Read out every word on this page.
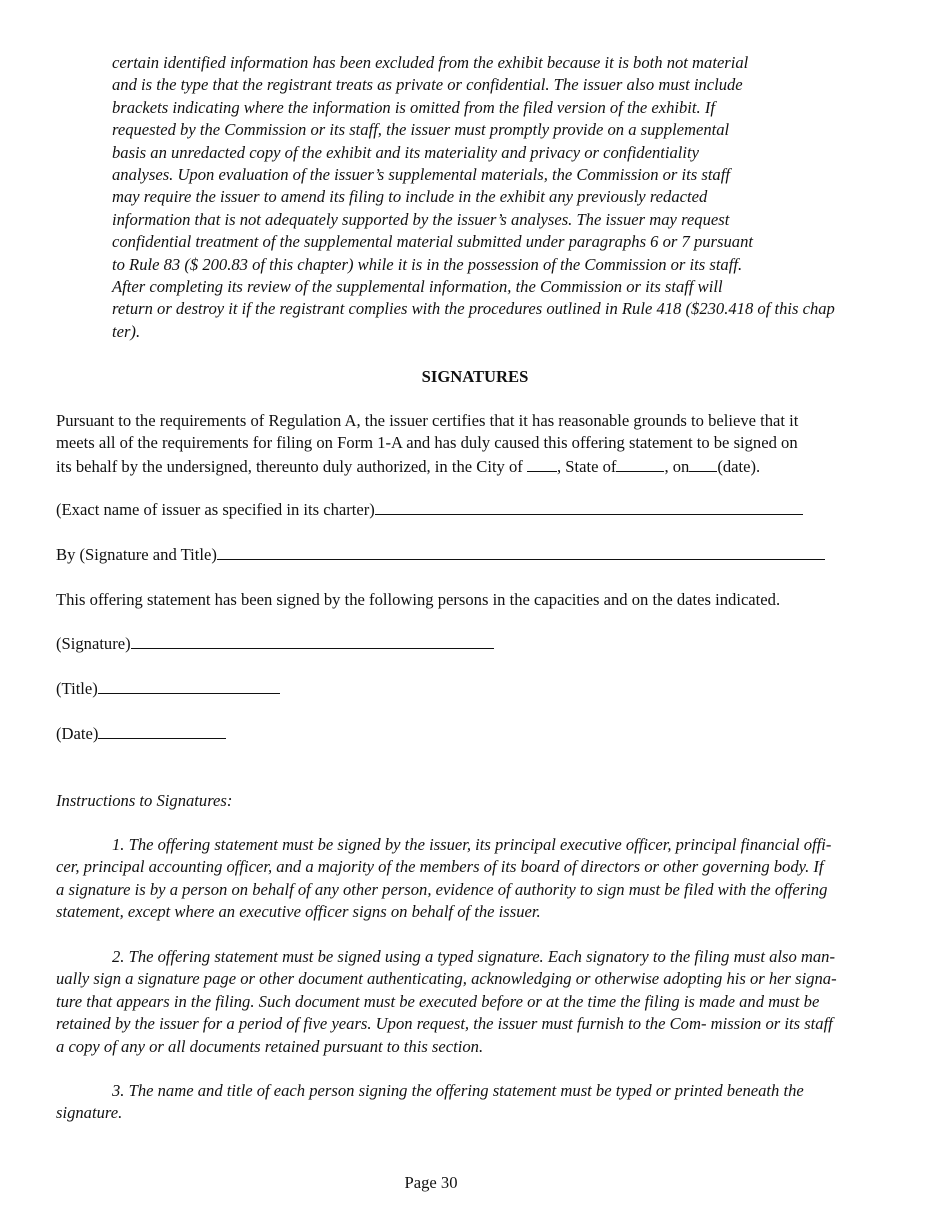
certain identified information has been excluded from the exhibit because it is both not material
and is the type that the registrant treats as private or confidential. The issuer also must include
brackets indicating where the information is omitted from the filed version of the exhibit. If
requested by the Commission or its staff, the issuer must promptly provide on a supplemental
basis an unredacted copy of the exhibit and its materiality and privacy or confidentiality
analyses. Upon evaluation of the issuer’s supplemental materials, the Commission or its staff
may require the issuer to amend its filing to include in the exhibit any previously redacted
information that is not adequately supported by the issuer’s analyses. The issuer may request
confidential treatment of the supplemental material submitted under paragraphs 6 or 7 pursuant
to Rule 83 ($ 200.83 of this chapter) while it is in the possession of the Commission or its staff.
After completing its review of the supplemental information, the Commission or its staff will
return or destroy it if the registrant complies with the procedures outlined in Rule 418 ($230.418 of this chap
ter).
SIGNATURES
Pursuant to the requirements of Regulation A, the issuer certifies that it has reasonable grounds to believe that it
meets all of the requirements for filing on Form 1-A and has duly caused this offering statement to be signed on
its behalf by the undersigned, thereunto duly authorized, in the City of , State of	, on (date).
(Exact name of issuer as specified in its charter)
By (Signature and Title)
This offering statement has been signed by the following persons in the capacities and on the dates indicated.
(Signature)
(Title)
(Date)
Instructions to Signatures:
1. The offering statement must be signed by the issuer, its principal executive officer, principal financial offi-
cer, principal accounting officer, and a majority of the members of its board of directors or other governing body. If
a signature is by a person on behalf of any other person, evidence of authority to sign must be filed with the offering
statement, except where an executive officer signs on behalf of the issuer.
2. The offering statement must be signed using a typed signature. Each signatory to the filing must also man-
ually sign a signature page or other document authenticating, acknowledging or otherwise adopting his or her signa-
ture that appears in the filing. Such document must be executed before or at the time the filing is made and must be
retained by the issuer for a period of five years. Upon request, the issuer must furnish to the Com- mission or its staff
a copy of any or all documents retained pursuant to this section.
3. The name and title of each person signing the offering statement must be typed or printed beneath the
signature.
Page 30
